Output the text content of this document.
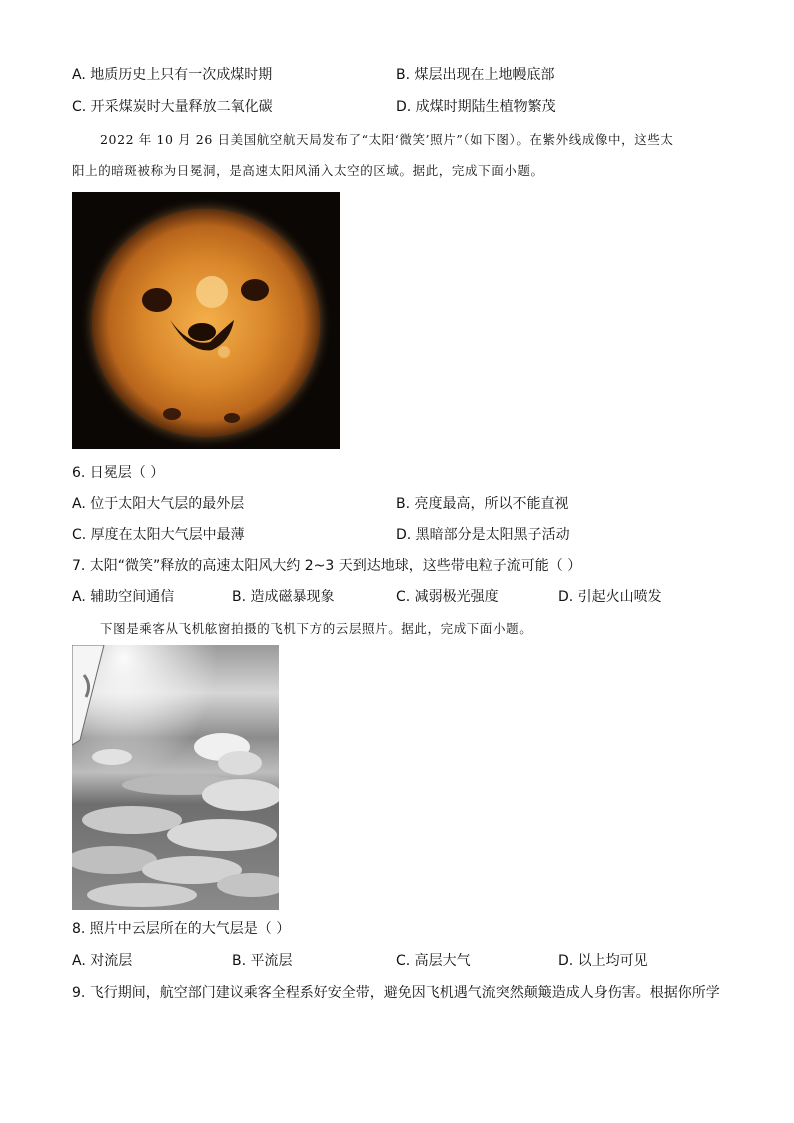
A. 地质历史上只有一次成煤时期	B. 煤层出现在上地幔底部
C. 开采煤炭时大量释放二氧化碳	D. 成煤时期陆生植物繁茂
2022 年 10 月 26 日美国航空航天局发布了“太阳‘微笑’照片”（如下图）。在紫外线成像中，这些太
阳上的暗斑被称为日冕洞，是高速太阳风涌入太空的区域。据此，完成下面小题。
6. 日冕层（ ）
A. 位于太阳大气层的最外层	B. 亮度最高，所以不能直视
C. 厚度在太阳大气层中最薄	D. 黑暗部分是太阳黑子活动
7. 太阳“微笑”释放的高速太阳风大约 2~3 天到达地球，这些带电粒子流可能（ ）
A. 辅助空间通信	B. 造成磁暴现象	C. 减弱极光强度	D. 引起火山喷发
下图是乘客从飞机舷窗拍摄的飞机下方的云层照片。据此，完成下面小题。
8. 照片中云层所在的大气层是（ ）
A. 对流层	B. 平流层	C. 高层大气	D. 以上均可见
9. 飞行期间，航空部门建议乘客全程系好安全带，避免因飞机遇气流突然颠簸造成人身伤害。根据你所学
